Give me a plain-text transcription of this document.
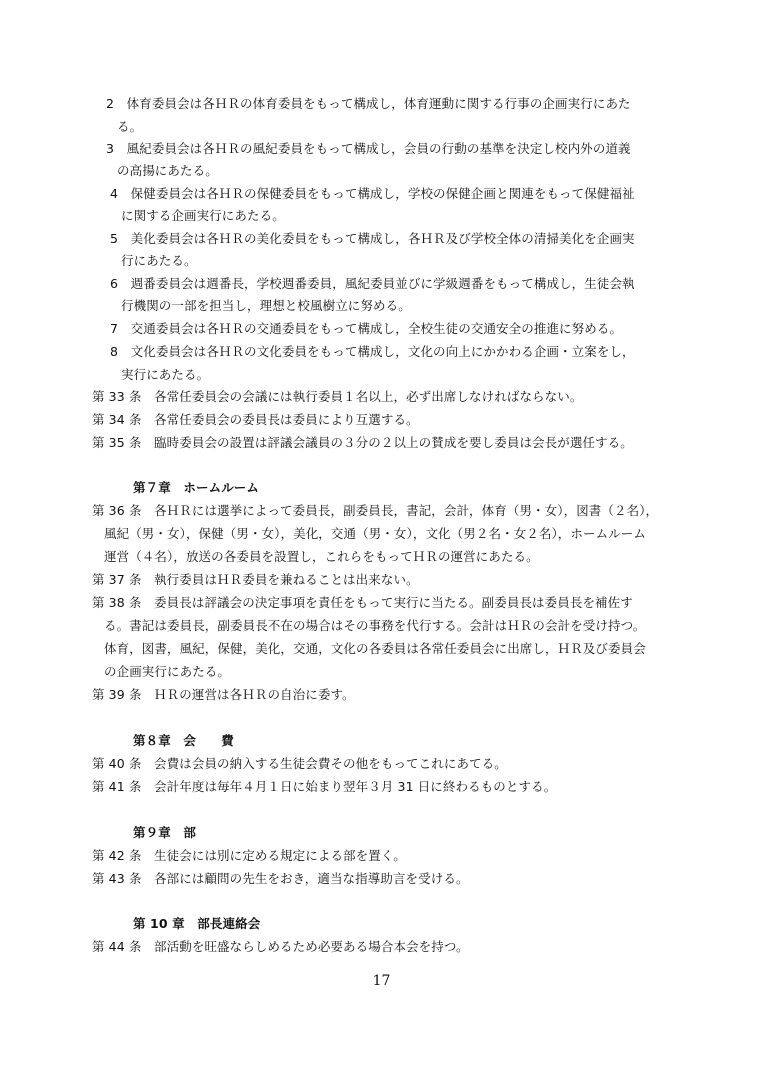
2　体育委員会は各ＨＲの体育委員をもって構成し，体育運動に関する行事の企画実行にあた
る。
3　風紀委員会は各ＨＲの風紀委員をもって構成し，会員の行動の基準を決定し校内外の道義
の高揚にあたる。
4　保健委員会は各ＨＲの保健委員をもって構成し，学校の保健企画と関連をもって保健福祉
に関する企画実行にあたる。
5　美化委員会は各ＨＲの美化委員をもって構成し，各ＨＲ及び学校全体の清掃美化を企画実
行にあたる。
6　週番委員会は週番長，学校週番委員，風紀委員並びに学級週番をもって構成し，生徒会執
行機関の一部を担当し，理想と校風樹立に努める。
7　交通委員会は各ＨＲの交通委員をもって構成し，全校生徒の交通安全の推進に努める。
8　文化委員会は各ＨＲの文化委員をもって構成し，文化の向上にかかわる企画・立案をし，
実行にあたる。
第 33 条　各常任委員会の会議には執行委員１名以上，必ず出席しなければならない。
第 34 条　各常任委員会の委員長は委員により互選する。
第 35 条　臨時委員会の設置は評議会議員の３分の２以上の賛成を要し委員は会長が選任する。
第７章　ホームルーム
第 36 条　各ＨＲには選挙によって委員長，副委員長，書記，会計，体育（男・女），図書（２名），
風紀（男・女），保健（男・女），美化，交通（男・女），文化（男２名・女２名），ホームルーム
運営（４名），放送の各委員を設置し，これらをもってＨＲの運営にあたる。
第 37 条　執行委員はＨＲ委員を兼ねることは出来ない。
第 38 条　委員長は評議会の決定事項を責任をもって実行に当たる。副委員長は委員長を補佐す
る。書記は委員長，副委員長不在の場合はその事務を代行する。会計はＨＲの会計を受け持つ。
体育，図書，風紀，保健，美化，交通，文化の各委員は各常任委員会に出席し，ＨＲ及び委員会
の企画実行にあたる。
第 39 条　ＨＲの運営は各ＨＲの自治に委す。
第８章　会　　費
第 40 条　会費は会員の納入する生徒会費その他をもってこれにあてる。
第 41 条　会計年度は毎年４月１日に始まり翌年３月 31 日に終わるものとする。
第９章　部
第 42 条　生徒会には別に定める規定による部を置く。
第 43 条　各部には顧問の先生をおき，適当な指導助言を受ける。
第 10 章　部長連絡会
第 44 条　部活動を旺盛ならしめるため必要ある場合本会を持つ。
17
